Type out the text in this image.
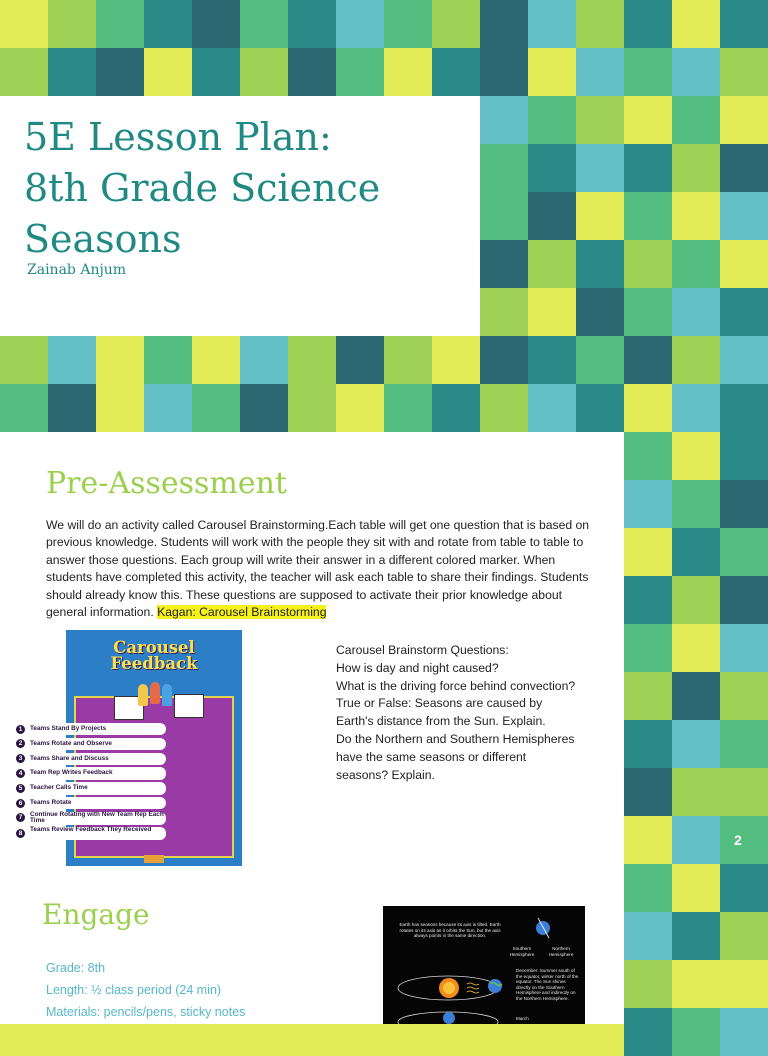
5E Lesson Plan:
8th Grade Science
Seasons
Zainab Anjum
Pre-Assessment

We will do an activity called Carousel Brainstorming.Each table will get one question that is based on previous knowledge. Students will work with the people they sit with and rotate from table to table to answer those questions. Each group will write their answer in a different colored marker. When students have completed this activity, the teacher will ask each table to share their findings. Students should already know this. These questions are supposed to activate their prior knowledge about general information. Kagan: Carousel Brainstorming

Carousel
Feedback
1	Teams Stand By Projects
2	Teams Rotate and Observe
3	Teams Share and Discuss
4	Team Rep Writes Feedback
5	Teacher Calls Time
6	Teams Rotate
7
Continue Rotating with New Team Rep Each Time
8
Teams Review Feedback They Received
Carousel Brainstorm Questions:
How is day and night caused?
What is the driving force behind convection?
True or False: Seasons are caused by
Earth's distance from the Sun. Explain.
Do the Northern and Southern Hemispheres
have the same seasons or different
seasons? Explain.
Engage
Grade: 8th
Length: ½ class period (24 min)
Materials: pencils/pens, sticky notes
Earth has seasons because its axis is tilted. Earth rotates on its axis as it orbits the Sun, but the axis always points in the same direction.
Southern Hemisphere
Northern Hemisphere
December: Summer south of the equator, winter north of the equator. The Sun shines directly on the Southern Hemisphere and indirectly on the Northern Hemisphere.
March
2
